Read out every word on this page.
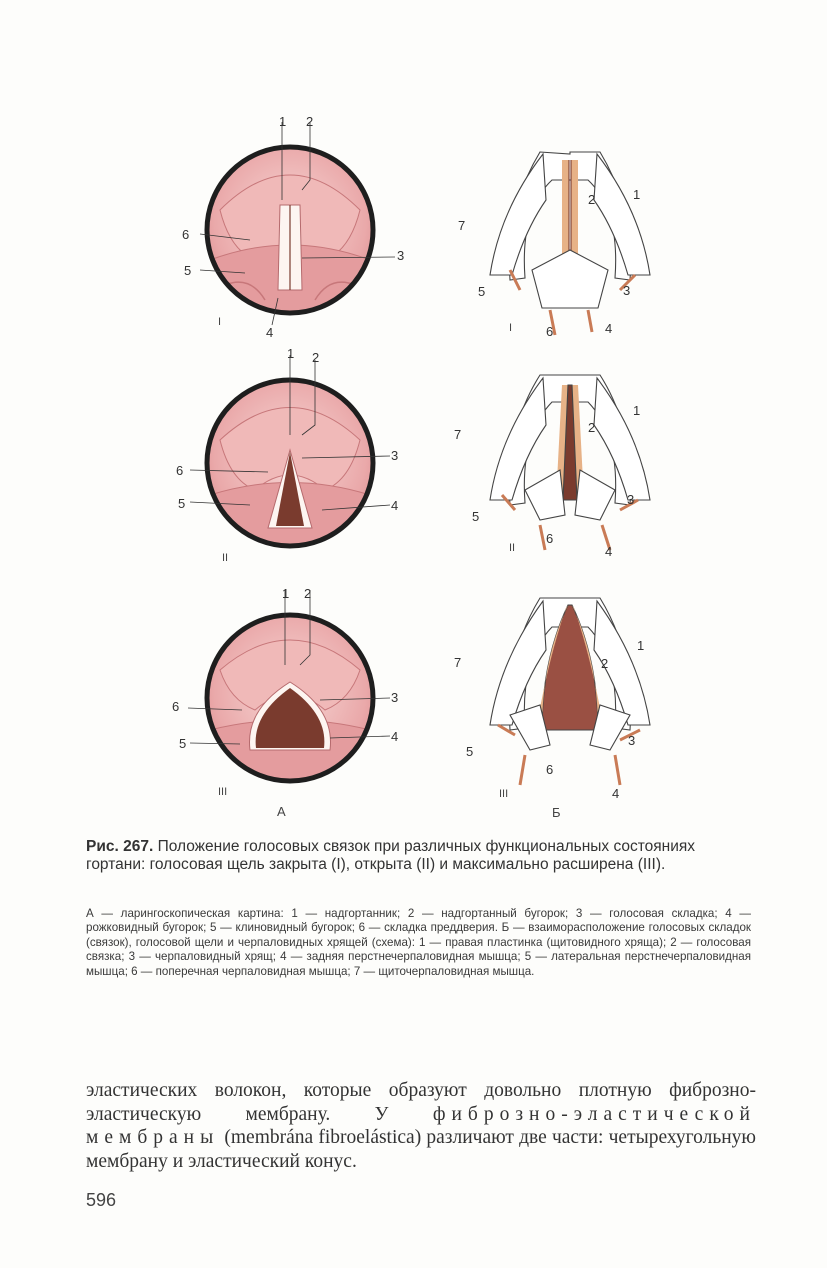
1 2
6
5
3
4
I
1 2
6
5
3
4
II
1 2
6
5
3
4
III
А
7
2	1
5	3
6	4
I
7	2
1
5
3
6
4
II
7	2
1
5
3
6
4
III
Б
Рис. 267. Положение голосовых связок при различных функциональных состояниях гортани: голосовая щель закрыта (I), открыта (II) и максимально расширена (III).
А — ларингоскопическая картина: 1 — надгортанник; 2 — надгортанный бугорок; 3 — голосовая складка; 4 — рожковидный бугорок; 5 — клиновидный бугорок; 6 — складка преддверия. Б — взаиморасположение голосовых складок (связок), голосовой щели и черпаловидных хрящей (схема): 1 — правая пластинка (щитовидного хряща); 2 — голосовая связка; 3 — черпаловидный хрящ; 4 — задняя перстнечерпаловидная мышца; 5 — латеральная перстнечерпаловидная мышца; 6 — поперечная черпаловидная мышца; 7 — щиточерпаловидная мышца.
эластических волокон, которые образуют довольно плотную фиброзно-эластическую мембрану. У фиброзно-эластической мембраны (membrána fibroelástica) различают две части: четырехугольную мембрану и эластический конус.
596
